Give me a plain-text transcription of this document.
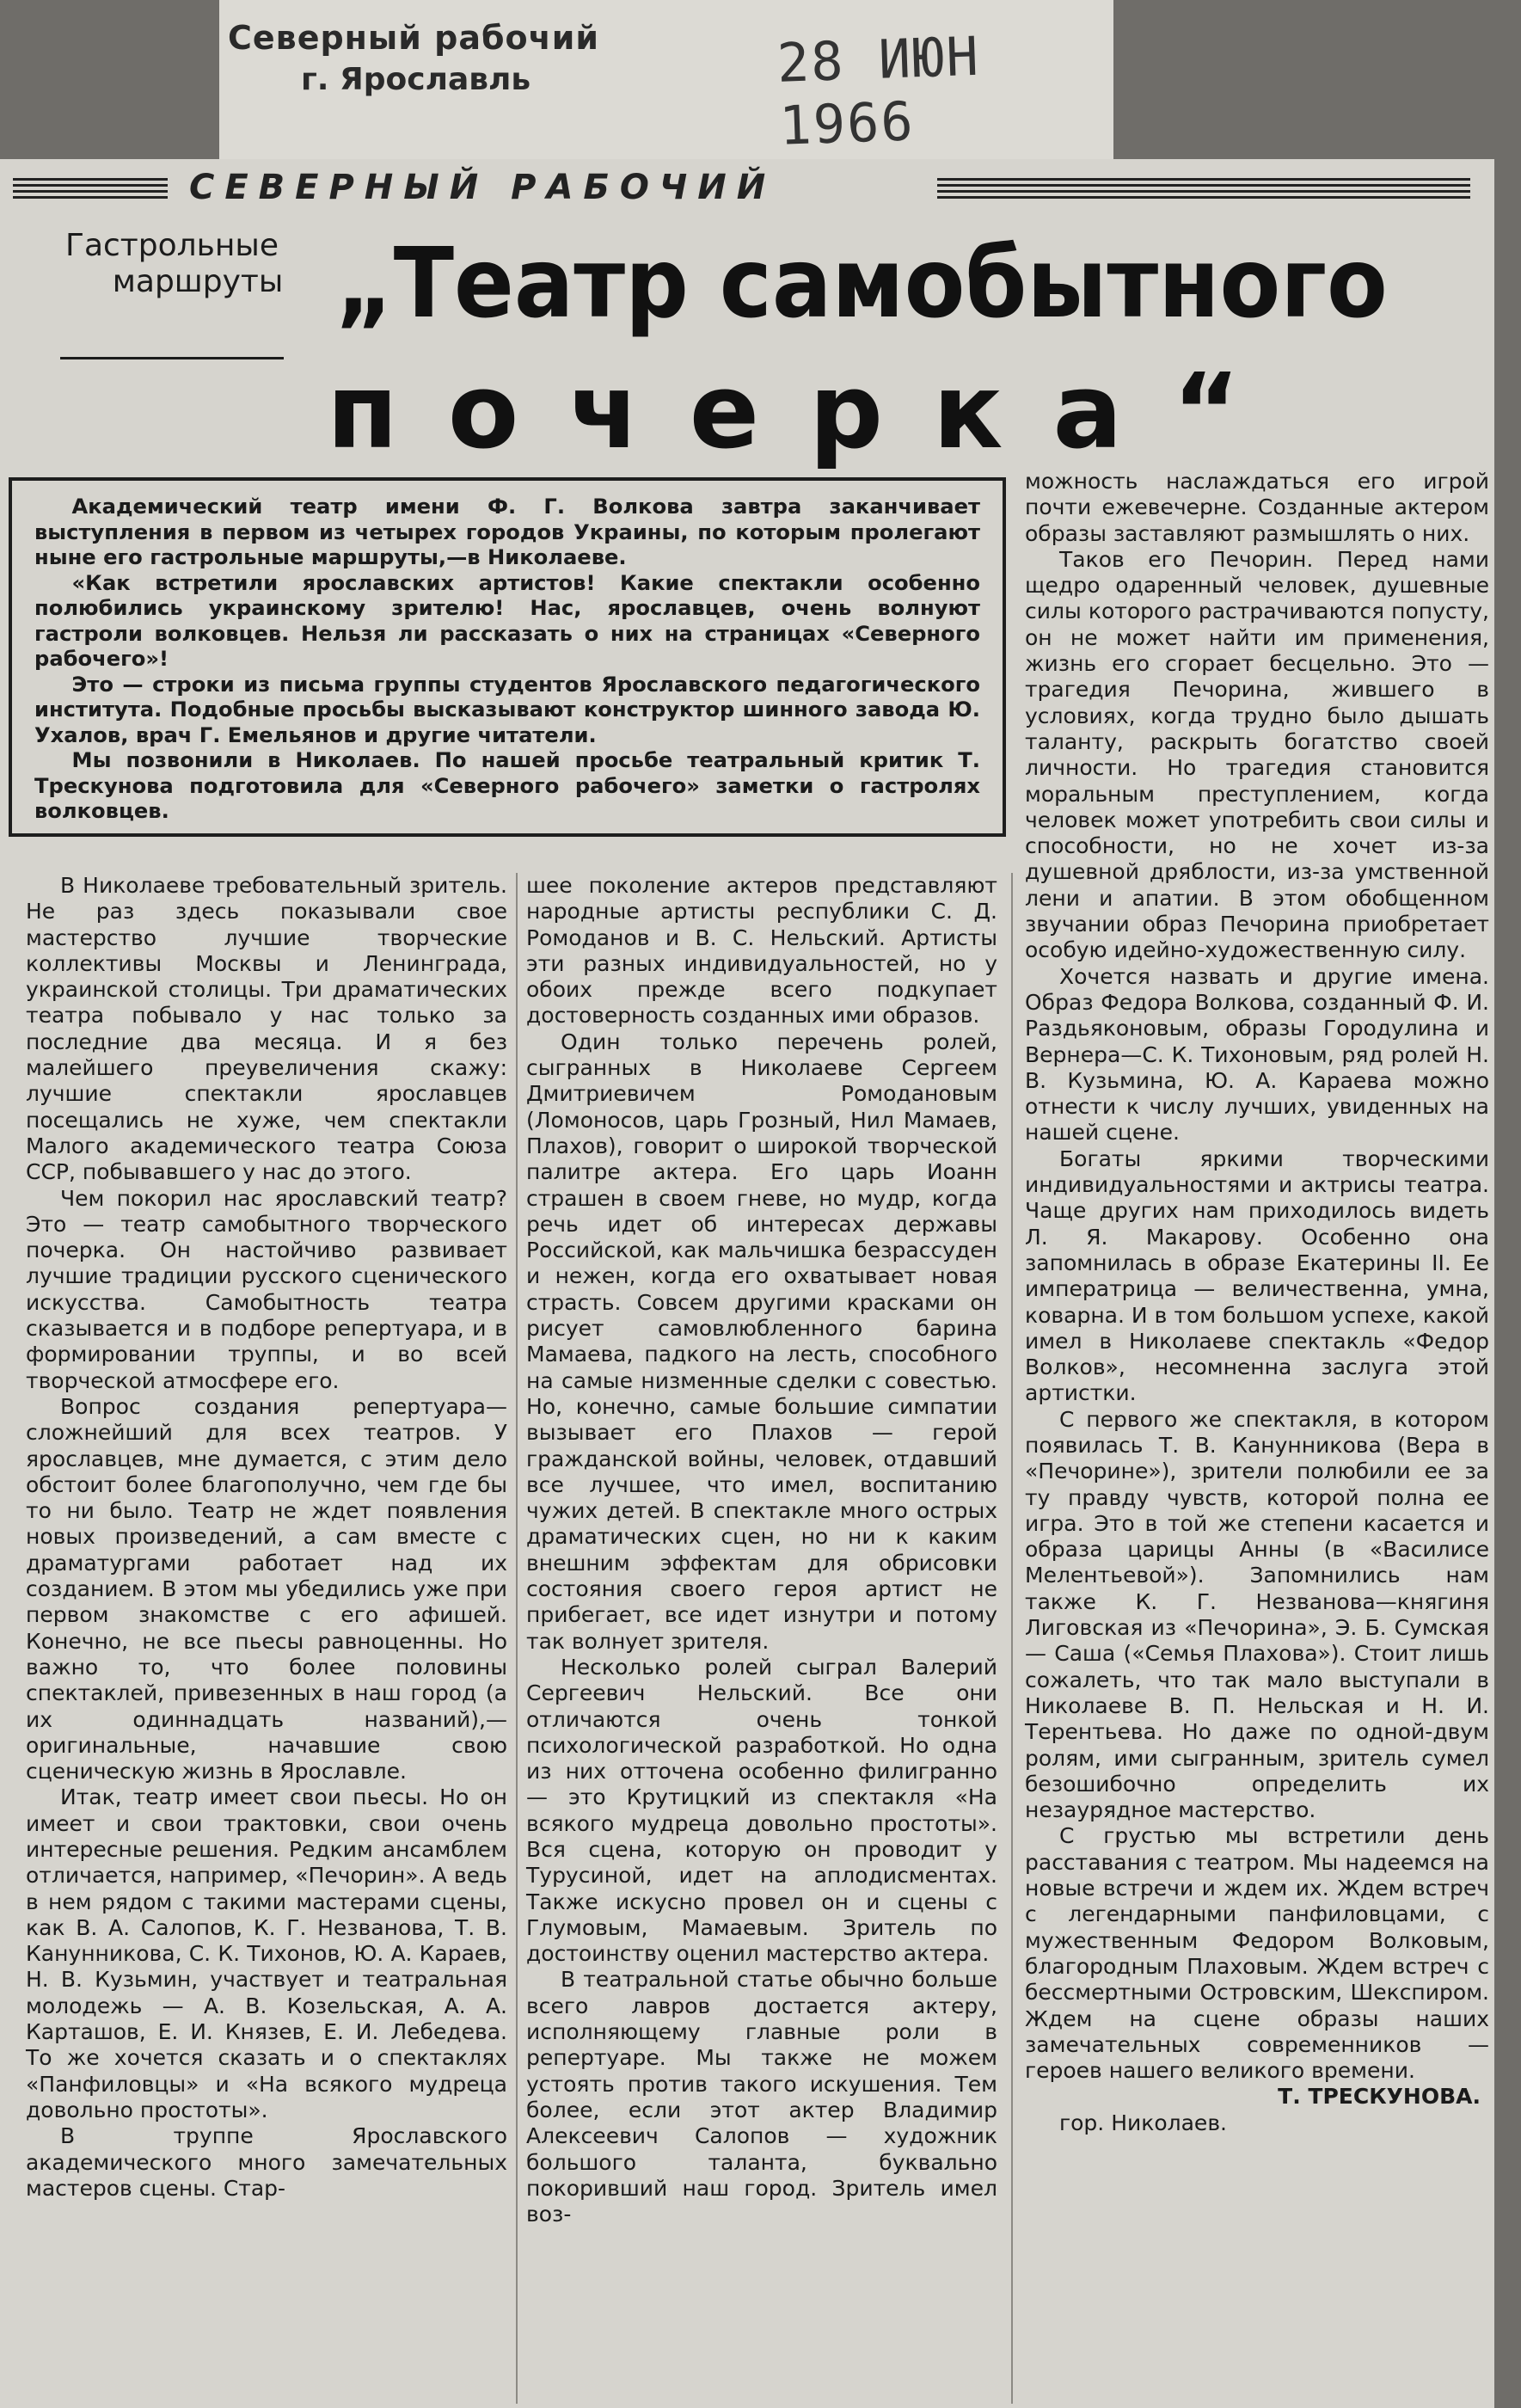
Северный рабочий
г. Ярославль	28 ИЮН 1966
СЕВЕРНЫЙ РАБОЧИЙ
Гастрольные
маршруты „Театр самобытного
почерка“

Академический театр имени Ф. Г. Волкова завтра заканчивает выступления в первом из четырех городов Украины, по которым пролегают ныне его гастрольные маршруты,—в Николаеве.

«Как встретили ярославских артистов! Какие спектакли особенно полюбились украинскому зрителю! Нас, ярославцев, очень волнуют гастроли волковцев. Нельзя ли рассказать о них на страницах «Северного рабочего»!

Это — строки из письма группы студентов Ярославского педагогического института. Подобные просьбы высказывают конструктор шинного завода Ю. Ухалов, врач Г. Емельянов и другие читатели.

Мы позвонили в Николаев. По нашей просьбе театральный критик Т. Трескунова подготовила для «Северного рабочего» заметки о гастролях волковцев.

В Николаеве требовательный зритель. Не раз здесь показывали свое мастерство лучшие творческие коллективы Москвы и Ленинграда, украинской столицы. Три драматических театра побывало у нас только за последние два месяца. И я без малейшего преувеличения скажу: лучшие спектакли ярославцев посещались не хуже, чем спектакли Малого академического театра Союза ССР, побывавшего у нас до этого.

Чем покорил нас ярославский театр? Это — театр самобытного творческого почерка. Он настойчиво развивает лучшие традиции русского сценического искусства. Самобытность театра сказывается и в подборе репертуара, и в формировании труппы, и во всей творческой атмосфере его.

Вопрос создания репертуара—сложнейший для всех театров. У ярославцев, мне думается, с этим дело обстоит более благополучно, чем где бы то ни было. Театр не ждет появления новых произведений, а сам вместе с драматургами работает над их созданием. В этом мы убедились уже при первом знакомстве с его афишей. Конечно, не все пьесы равноценны. Но важно то, что более половины спектаклей, привезенных в наш город (а их одиннадцать названий),—оригинальные, начавшие свою сценическую жизнь в Ярославле.

Итак, театр имеет свои пьесы. Но он имеет и свои трактовки, свои очень интересные решения. Редким ансамблем отличается, например, «Печорин». А ведь в нем рядом с такими мастерами сцены, как В. А. Салопов, К. Г. Незванова, Т. В. Канунникова, С. К. Тихонов, Ю. А. Караев, Н. В. Кузьмин, участвует и театральная молодежь — А. В. Козельская, А. А. Карташов, Е. И. Князев, Е. И. Лебедева. То же хочется сказать и о спектаклях «Панфиловцы» и «На всякого мудреца довольно простоты».

В труппе Ярославского академического много замечательных мастеров сцены. Стар-

шее поколение актеров представляют народные артисты республики С. Д. Ромоданов и В. С. Нельский. Артисты эти разных индивидуальностей, но у обоих прежде всего подкупает достоверность созданных ими образов.

Один только перечень ролей, сыгранных в Николаеве Сергеем Дмитриевичем Ромодановым (Ломоносов, царь Грозный, Нил Мамаев, Плахов), говорит о широкой творческой палитре актера. Его царь Иоанн страшен в своем гневе, но мудр, когда речь идет об интересах державы Российской, как мальчишка безрассуден и нежен, когда его охватывает новая страсть. Совсем другими красками он рисует самовлюбленного барина Мамаева, падкого на лесть, способного на самые низменные сделки с совестью. Но, конечно, самые большие симпатии вызывает его Плахов — герой гражданской войны, человек, отдавший все лучшее, что имел, воспитанию чужих детей. В спектакле много острых драматических сцен, но ни к каким внешним эффектам для обрисовки состояния своего героя артист не прибегает, все идет изнутри и потому так волнует зрителя.

Несколько ролей сыграл Валерий Сергеевич Нельский. Все они отличаются очень тонкой психологической разработкой. Но одна из них отточена особенно филигранно — это Крутицкий из спектакля «На всякого мудреца довольно простоты». Вся сцена, которую он проводит у Турусиной, идет на аплодисментах. Также искусно провел он и сцены с Глумовым, Мамаевым. Зритель по достоинству оценил мастерство актера.

В театральной статье обычно больше всего лавров достается актеру, исполняющему главные роли в репертуаре. Мы также не можем устоять против такого искушения. Тем более, если этот актер Владимир Алексеевич Салопов — художник большого таланта, буквально покоривший наш город. Зритель имел воз-

можность наслаждаться его игрой почти ежевечерне. Созданные актером образы заставляют размышлять о них.

Таков его Печорин. Перед нами щедро одаренный человек, душевные силы которого растрачиваются попусту, он не может найти им применения, жизнь его сгорает бесцельно. Это — трагедия Печорина, жившего в условиях, когда трудно было дышать таланту, раскрыть богатство своей личности. Но трагедия становится моральным преступлением, когда человек может употребить свои силы и способности, но не хочет из-за душевной дряблости, из-за умственной лени и апатии. В этом обобщенном звучании образ Печорина приобретает особую идейно-художественную силу.

Хочется назвать и другие имена. Образ Федора Волкова, созданный Ф. И. Раздьяконовым, образы Городулина и Вернера—С. К. Тихоновым, ряд ролей Н. В. Кузьмина, Ю. А. Караева можно отнести к числу лучших, увиденных на нашей сцене.

Богаты яркими творческими индивидуальностями и актрисы театра. Чаще других нам приходилось видеть Л. Я. Макарову. Особенно она запомнилась в образе Екатерины II. Ее императрица — величественна, умна, коварна. И в том большом успехе, какой имел в Николаеве спектакль «Федор Волков», несомненна заслуга этой артистки.

С первого же спектакля, в котором появилась Т. В. Канунникова (Вера в «Печорине»), зрители полюбили ее за ту правду чувств, которой полна ее игра. Это в той же степени касается и образа царицы Анны (в «Василисе Мелентьевой»). Запомнились нам также К. Г. Незванова—княгиня Лиговская из «Печорина», Э. Б. Сумская — Саша («Семья Плахова»). Стоит лишь сожалеть, что так мало выступали в Николаеве В. П. Нельская и Н. И. Терентьева. Но даже по одной-двум ролям, ими сыгранным, зритель сумел безошибочно определить их незаурядное мастерство.

С грустью мы встретили день расставания с театром. Мы надеемся на новые встречи и ждем их. Ждем встреч с легендарными панфиловцами, с мужественным Федором Волковым, благородным Плаховым. Ждем встреч с бессмертными Островским, Шекспиром. Ждем на сцене образы наших замечательных современников — героев нашего великого времени.

Т. ТРЕСКУНОВА.
гор. Николаев.
